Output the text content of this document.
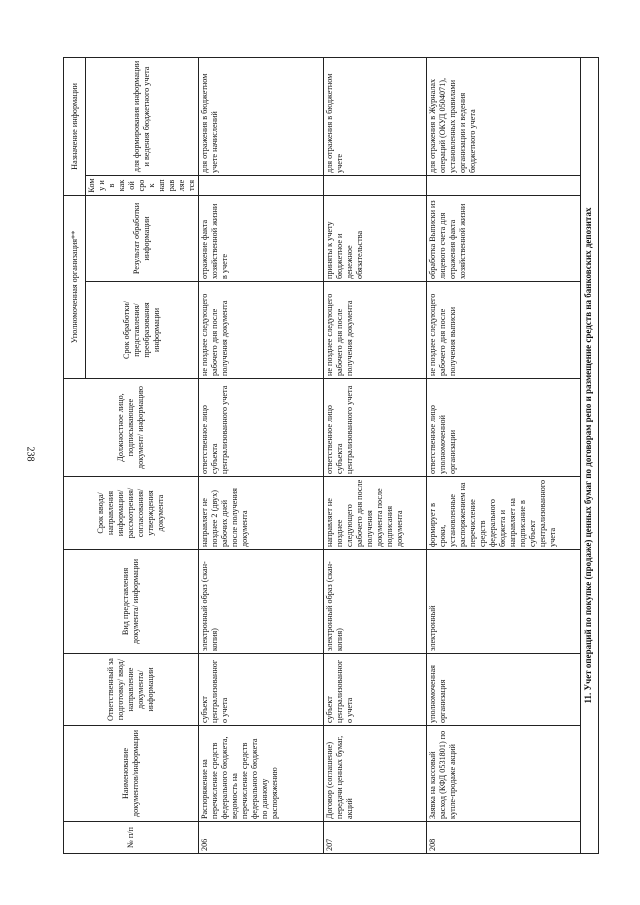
238
№ п/п	Наименование документов/информации	Ответственный за подготовку/ ввод/ направление документа/ информации	Вид представления документа/ информации	Срок ввода/ направления информации/ рассмотрения/ согласования/ утверждения документа	Должностное лицо, подписывающее документ/ информацию	Уполномоченная организация**		Назначение информации	
						Срок обработки/ представления/ преобразования информации	Результат обработки информации	Кому и в какой срок направляется	для формирования информации и ведения бюджетного учета
206	Распоряжение на перечисление средств федерального бюджета, ведомость на перечисление средств федерального бюджета по данному распоряжению	субъект централизованного учета	электронный образ (скан-копия)	направляет не позднее 2 (двух) рабочих дней после получения документа	ответственное лицо субъекта централизованного учета	не позднее следующего рабочего дня после получения документа	отражение факта хозяйственной жизни в учете		для отражения в бюджетном учете начислений
207	Договор (соглашение) передачи ценных бумаг, акций	субъект централизованного учета	электронный образ (скан-копия)	направляет не позднее следующего рабочего дня после получения документа после подписания документа	ответственное лицо субъекта централизованного учета	не позднее следующего рабочего дня после получения документа	приняты к учету бюджетное и денежное обязательства		для отражения в бюджетном учете
208	Заявка на кассовый расход (КФД 0531801) по купле-продаже акций	уполномоченная организация	электронный	формирует в сроки, установленные распоряжением на перечисление средств федерального бюджета и направляет на подписание в субъект централизованного учета	ответственное лицо уполномоченной организации	не позднее следующего рабочего дня после получения выписки	обработка Выписки из лицевого счета для отражения факта хозяйственной жизни		для отражения в Журналах операций (ОКУД 0504071), установленных правилами организации и ведения бюджетного учета
11. Учет операций по покупке (продаже) ценных бумаг по договорам репо и размещение средств на банковских депозитах									
